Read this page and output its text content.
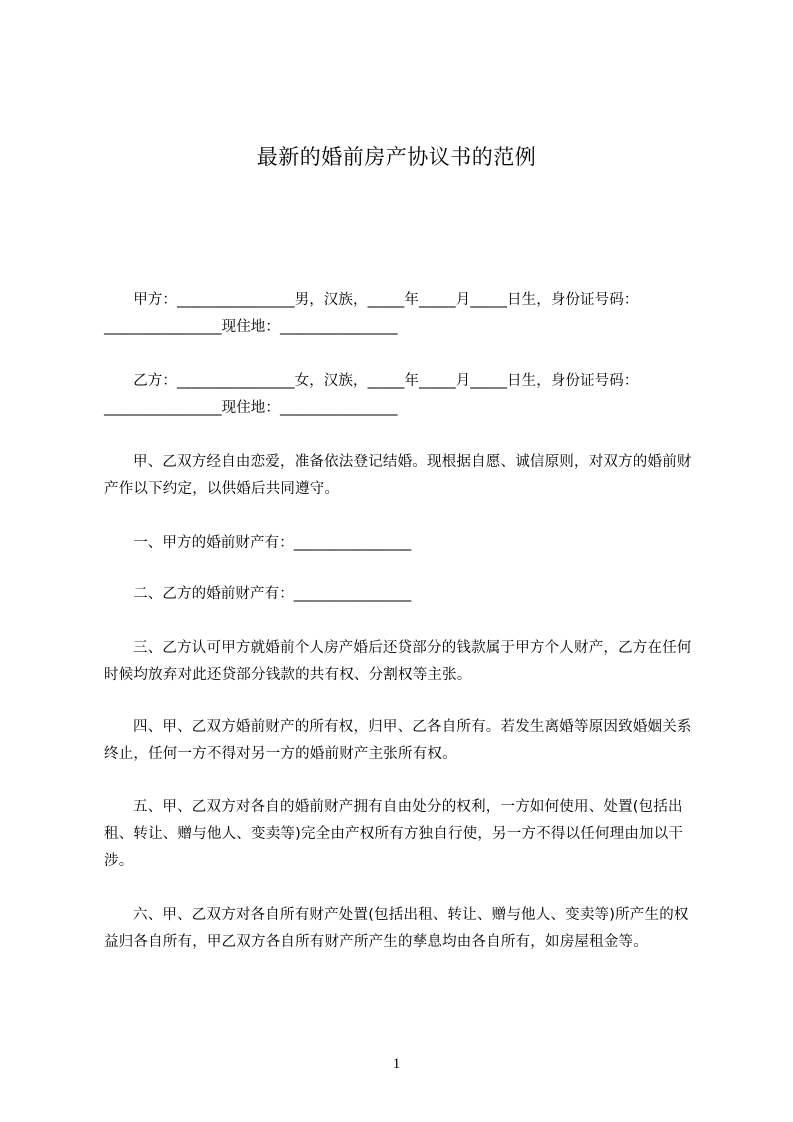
最新的婚前房产协议书的范例
　　甲方：________________男，汉族，_____年_____月_____日生，身份证号码：
________________现住地：________________
　　乙方：________________女，汉族，_____年_____月_____日生，身份证号码：
________________现住地：________________

甲、乙双方经自由恋爱，准备依法登记结婚。现根据自愿、诚信原则，对双方的婚前财产作以下约定，以供婚后共同遵守。

　　一、甲方的婚前财产有：________________
　　二、乙方的婚前财产有：________________

三、乙方认可甲方就婚前个人房产婚后还贷部分的钱款属于甲方个人财产，乙方在任何时候均放弃对此还贷部分钱款的共有权、分割权等主张。

四、甲、乙双方婚前财产的所有权，归甲、乙各自所有。若发生离婚等原因致婚姻关系终止，任何一方不得对另一方的婚前财产主张所有权。

五、甲、乙双方对各自的婚前财产拥有自由处分的权利，一方如何使用、处置(包括出租、转让、赠与他人、变卖等)完全由产权所有方独自行使，另一方不得以任何理由加以干涉。

六、甲、乙双方对各自所有财产处置(包括出租、转让、赠与他人、变卖等)所产生的权益归各自所有，甲乙双方各自所有财产所产生的孳息均由各自所有，如房屋租金等。

1
